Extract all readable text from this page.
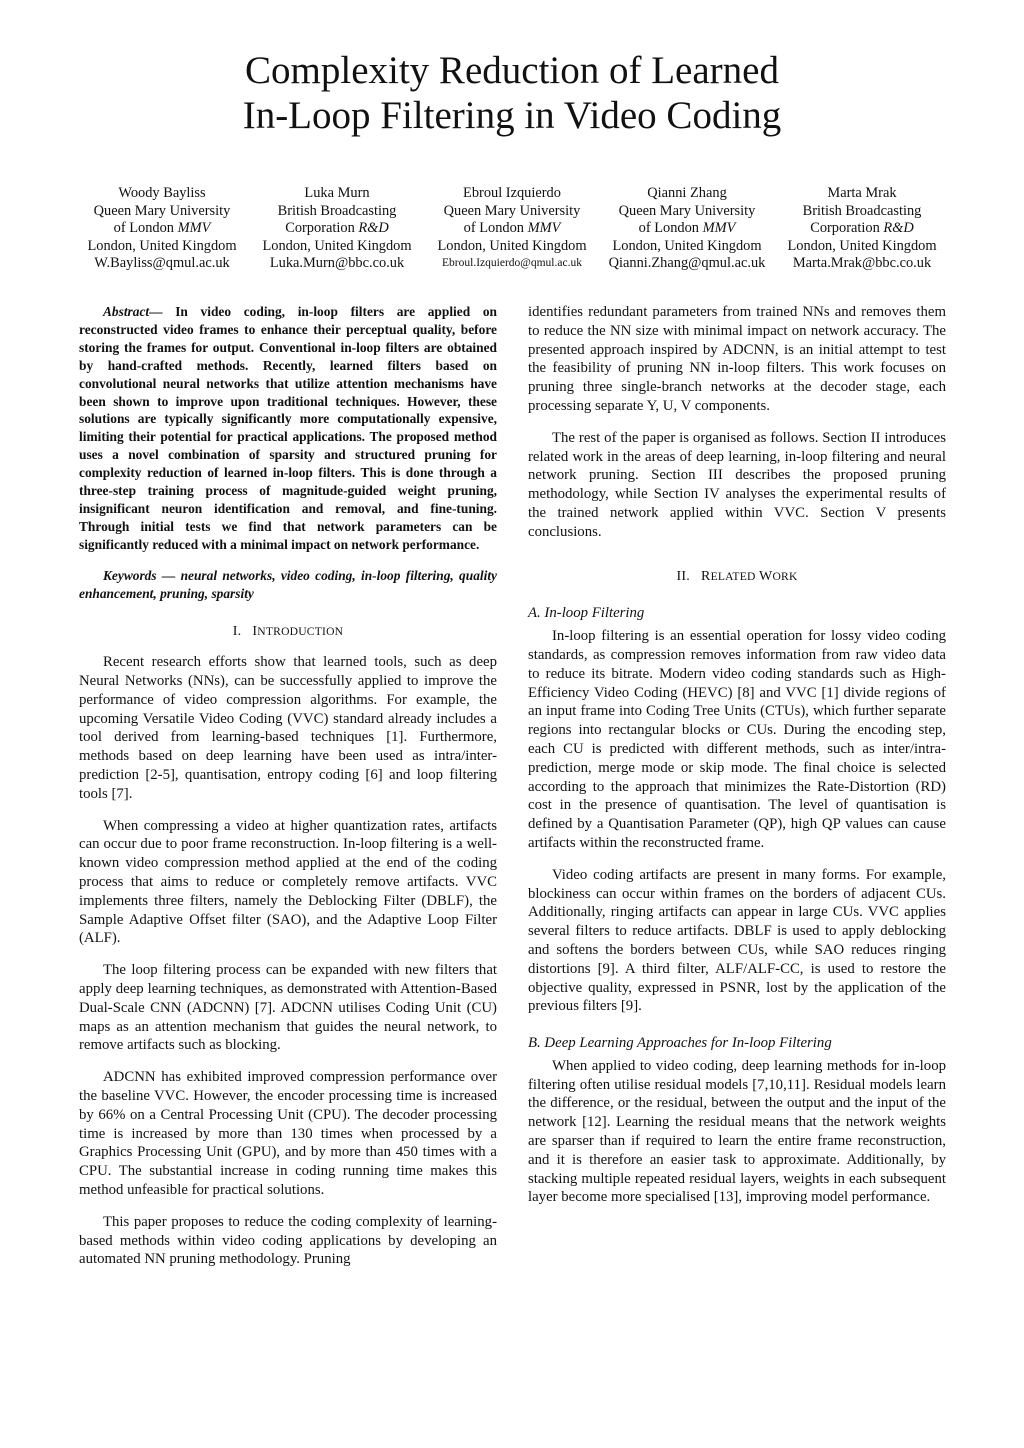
Complexity Reduction of Learned
In-Loop Filtering in Video Coding
Woody Bayliss
Queen Mary University
of London MMV
London, United Kingdom
W.Bayliss@qmul.ac.uk
Luka Murn
British Broadcasting
Corporation R&D
London, United Kingdom
Luka.Murn@bbc.co.uk
Ebroul Izquierdo
Queen Mary University
of London MMV
London, United Kingdom
Ebroul.Izquierdo@qmul.ac.uk
Qianni Zhang
Queen Mary University
of London MMV
London, United Kingdom
Qianni.Zhang@qmul.ac.uk
Marta Mrak
British Broadcasting
Corporation R&D
London, United Kingdom
Marta.Mrak@bbc.co.uk

Abstract— In video coding, in-loop filters are applied on reconstructed video frames to enhance their perceptual quality, before storing the frames for output. Conventional in-loop filters are obtained by hand-crafted methods. Recently, learned filters based on convolutional neural networks that utilize attention mechanisms have been shown to improve upon traditional techniques. However, these solutions are typically significantly more computationally expensive, limiting their potential for practical applications. The proposed method uses a novel combination of sparsity and structured pruning for complexity reduction of learned in-loop filters. This is done through a three-step training process of magnitude-guided weight pruning, insignificant neuron identification and removal, and fine-tuning. Through initial tests we find that network parameters can be significantly reduced with a minimal impact on network performance.

Keywords — neural networks, video coding, in-loop filtering, quality enhancement, pruning, sparsity

I. INTRODUCTION

Recent research efforts show that learned tools, such as deep Neural Networks (NNs), can be successfully applied to improve the performance of video compression algorithms. For example, the upcoming Versatile Video Coding (VVC) standard already includes a tool derived from learning-based techniques [1]. Furthermore, methods based on deep learning have been used as intra/inter-prediction [2-5], quantisation, entropy coding [6] and loop filtering tools [7].

When compressing a video at higher quantization rates, artifacts can occur due to poor frame reconstruction. In-loop filtering is a well-known video compression method applied at the end of the coding process that aims to reduce or completely remove artifacts. VVC implements three filters, namely the Deblocking Filter (DBLF), the Sample Adaptive Offset filter (SAO), and the Adaptive Loop Filter (ALF).

The loop filtering process can be expanded with new filters that apply deep learning techniques, as demonstrated with Attention-Based Dual-Scale CNN (ADCNN) [7]. ADCNN utilises Coding Unit (CU) maps as an attention mechanism that guides the neural network, to remove artifacts such as blocking.

ADCNN has exhibited improved compression performance over the baseline VVC. However, the encoder processing time is increased by 66% on a Central Processing Unit (CPU). The decoder processing time is increased by more than 130 times when processed by a Graphics Processing Unit (GPU), and by more than 450 times with a CPU. The substantial increase in coding running time makes this method unfeasible for practical solutions.

This paper proposes to reduce the coding complexity of learning-based methods within video coding applications by developing an automated NN pruning methodology. Pruning

identifies redundant parameters from trained NNs and removes them to reduce the NN size with minimal impact on network accuracy. The presented approach inspired by ADCNN, is an initial attempt to test the feasibility of pruning NN in-loop filters. This work focuses on pruning three single-branch networks at the decoder stage, each processing separate Y, U, V components.

The rest of the paper is organised as follows. Section II introduces related work in the areas of deep learning, in-loop filtering and neural network pruning. Section III describes the proposed pruning methodology, while Section IV analyses the experimental results of the trained network applied within VVC. Section V presents conclusions.

II. RELATED WORK
A. In-loop Filtering

In-loop filtering is an essential operation for lossy video coding standards, as compression removes information from raw video data to reduce its bitrate. Modern video coding standards such as High-Efficiency Video Coding (HEVC) [8] and VVC [1] divide regions of an input frame into Coding Tree Units (CTUs), which further separate regions into rectangular blocks or CUs. During the encoding step, each CU is predicted with different methods, such as inter/intra-prediction, merge mode or skip mode. The final choice is selected according to the approach that minimizes the Rate-Distortion (RD) cost in the presence of quantisation. The level of quantisation is defined by a Quantisation Parameter (QP), high QP values can cause artifacts within the reconstructed frame.

Video coding artifacts are present in many forms. For example, blockiness can occur within frames on the borders of adjacent CUs. Additionally, ringing artifacts can appear in large CUs. VVC applies several filters to reduce artifacts. DBLF is used to apply deblocking and softens the borders between CUs, while SAO reduces ringing distortions [9]. A third filter, ALF/ALF-CC, is used to restore the objective quality, expressed in PSNR, lost by the application of the previous filters [9].

B. Deep Learning Approaches for In-loop Filtering

When applied to video coding, deep learning methods for in-loop filtering often utilise residual models [7,10,11]. Residual models learn the difference, or the residual, between the output and the input of the network [12]. Learning the residual means that the network weights are sparser than if required to learn the entire frame reconstruction, and it is therefore an easier task to approximate. Additionally, by stacking multiple repeated residual layers, weights in each subsequent layer become more specialised [13], improving model performance.
